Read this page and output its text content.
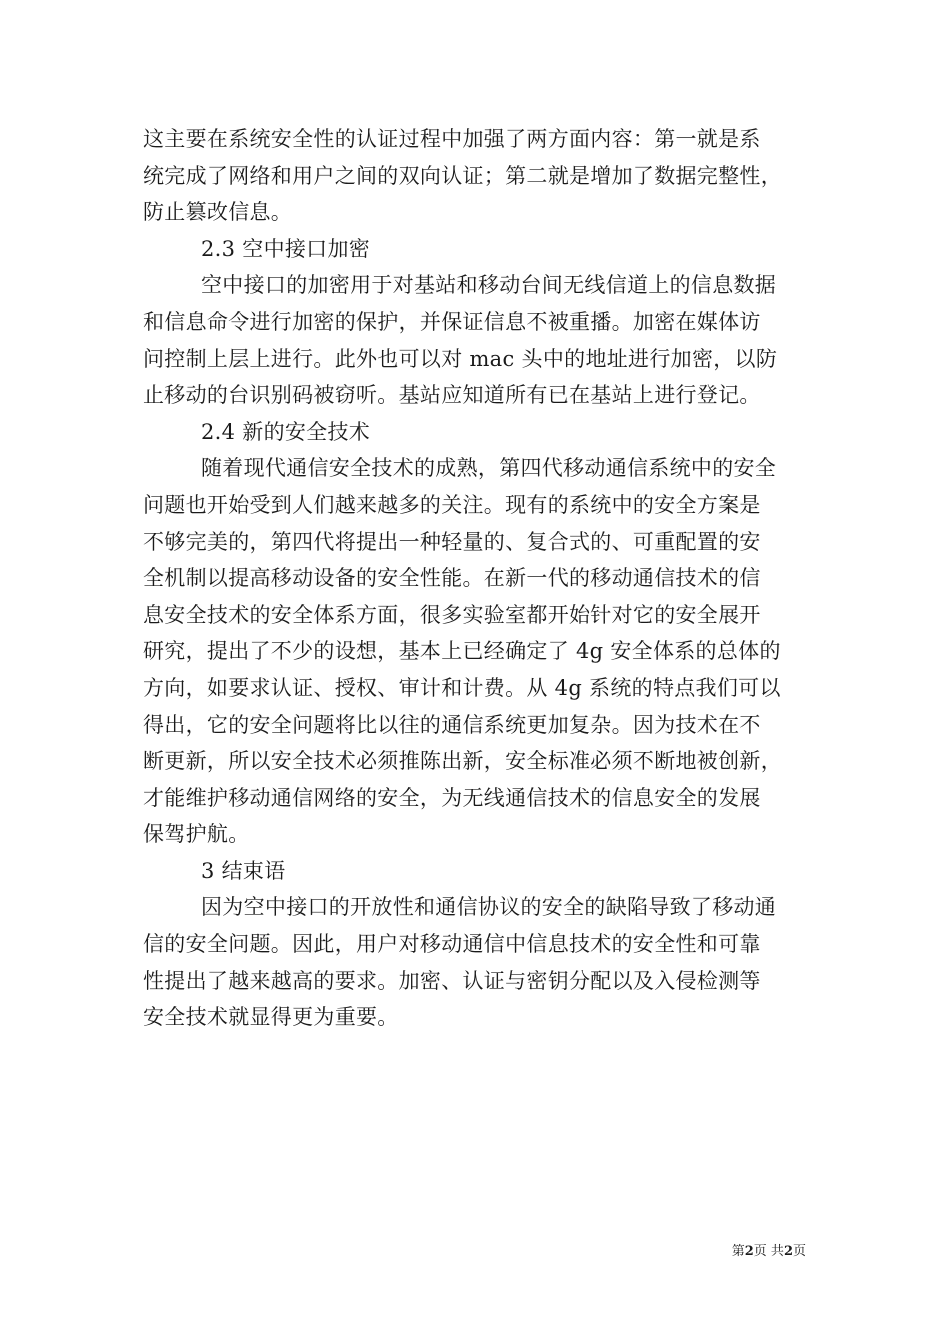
这主要在系统安全性的认证过程中加强了两方面内容：第一就是系
统完成了网络和用户之间的双向认证；第二就是增加了数据完整性，
防止篡改信息。

2.3 空中接口加密

空中接口的加密用于对基站和移动台间无线信道上的信息数据
和信息命令进行加密的保护，并保证信息不被重播。加密在媒体访
问控制上层上进行。此外也可以对 mac 头中的地址进行加密，以防
止移动的台识别码被窃听。基站应知道所有已在基站上进行登记。

2.4 新的安全技术

随着现代通信安全技术的成熟，第四代移动通信系统中的安全
问题也开始受到人们越来越多的关注。现有的系统中的安全方案是
不够完美的，第四代将提出一种轻量的、复合式的、可重配置的安
全机制以提高移动设备的安全性能。在新一代的移动通信技术的信
息安全技术的安全体系方面，很多实验室都开始针对它的安全展开
研究，提出了不少的设想，基本上已经确定了 4g 安全体系的总体的
方向，如要求认证、授权、审计和计费。从 4g 系统的特点我们可以
得出，它的安全问题将比以往的通信系统更加复杂。因为技术在不
断更新，所以安全技术必须推陈出新，安全标准必须不断地被创新，
才能维护移动通信网络的安全，为无线通信技术的信息安全的发展
保驾护航。

3 结束语

因为空中接口的开放性和通信协议的安全的缺陷导致了移动通
信的安全问题。因此，用户对移动通信中信息技术的安全性和可靠
性提出了越来越高的要求。加密、认证与密钥分配以及入侵检测等
安全技术就显得更为重要。

第2页 共2页
